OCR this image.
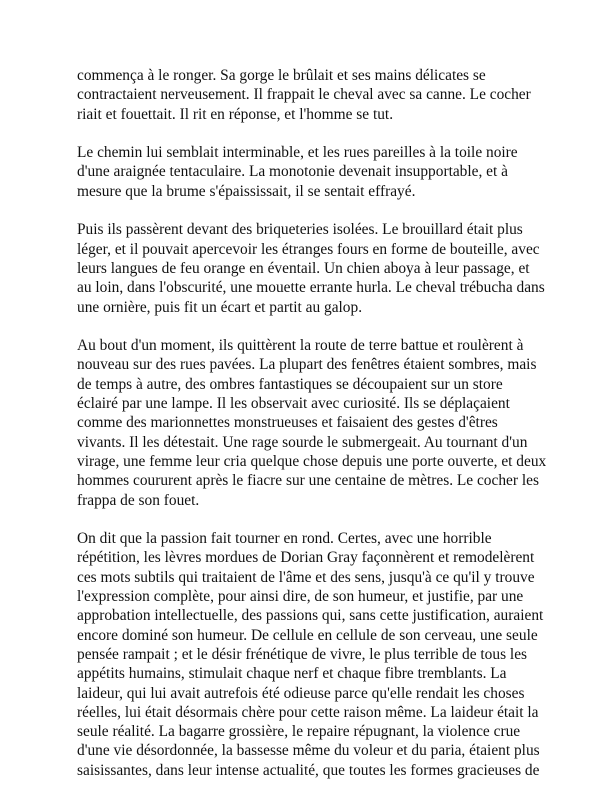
commença à le ronger. Sa gorge le brûlait et ses mains délicates se
contractaient nerveusement. Il frappait le cheval avec sa canne. Le cocher
riait et fouettait. Il rit en réponse, et l'homme se tut.

Le chemin lui semblait interminable, et les rues pareilles à la toile noire
d'une araignée tentaculaire. La monotonie devenait insupportable, et à
mesure que la brume s'épaississait, il se sentait effrayé.

Puis ils passèrent devant des briqueteries isolées. Le brouillard était plus
léger, et il pouvait apercevoir les étranges fours en forme de bouteille, avec
leurs langues de feu orange en éventail. Un chien aboya à leur passage, et
au loin, dans l'obscurité, une mouette errante hurla. Le cheval trébucha dans
une ornière, puis fit un écart et partit au galop.

Au bout d'un moment, ils quittèrent la route de terre battue et roulèrent à
nouveau sur des rues pavées. La plupart des fenêtres étaient sombres, mais
de temps à autre, des ombres fantastiques se découpaient sur un store
éclairé par une lampe. Il les observait avec curiosité. Ils se déplaçaient
comme des marionnettes monstrueuses et faisaient des gestes d'êtres
vivants. Il les détestait. Une rage sourde le submergeait. Au tournant d'un
virage, une femme leur cria quelque chose depuis une porte ouverte, et deux
hommes coururent après le fiacre sur une centaine de mètres. Le cocher les
frappa de son fouet.

On dit que la passion fait tourner en rond. Certes, avec une horrible
répétition, les lèvres mordues de Dorian Gray façonnèrent et remodelèrent
ces mots subtils qui traitaient de l'âme et des sens, jusqu'à ce qu'il y trouve
l'expression complète, pour ainsi dire, de son humeur, et justifie, par une
approbation intellectuelle, des passions qui, sans cette justification, auraient
encore dominé son humeur. De cellule en cellule de son cerveau, une seule
pensée rampait ; et le désir frénétique de vivre, le plus terrible de tous les
appétits humains, stimulait chaque nerf et chaque fibre tremblants. La
laideur, qui lui avait autrefois été odieuse parce qu'elle rendait les choses
réelles, lui était désormais chère pour cette raison même. La laideur était la
seule réalité. La bagarre grossière, le repaire répugnant, la violence crue
d'une vie désordonnée, la bassesse même du voleur et du paria, étaient plus
saisissantes, dans leur intense actualité, que toutes les formes gracieuses de
